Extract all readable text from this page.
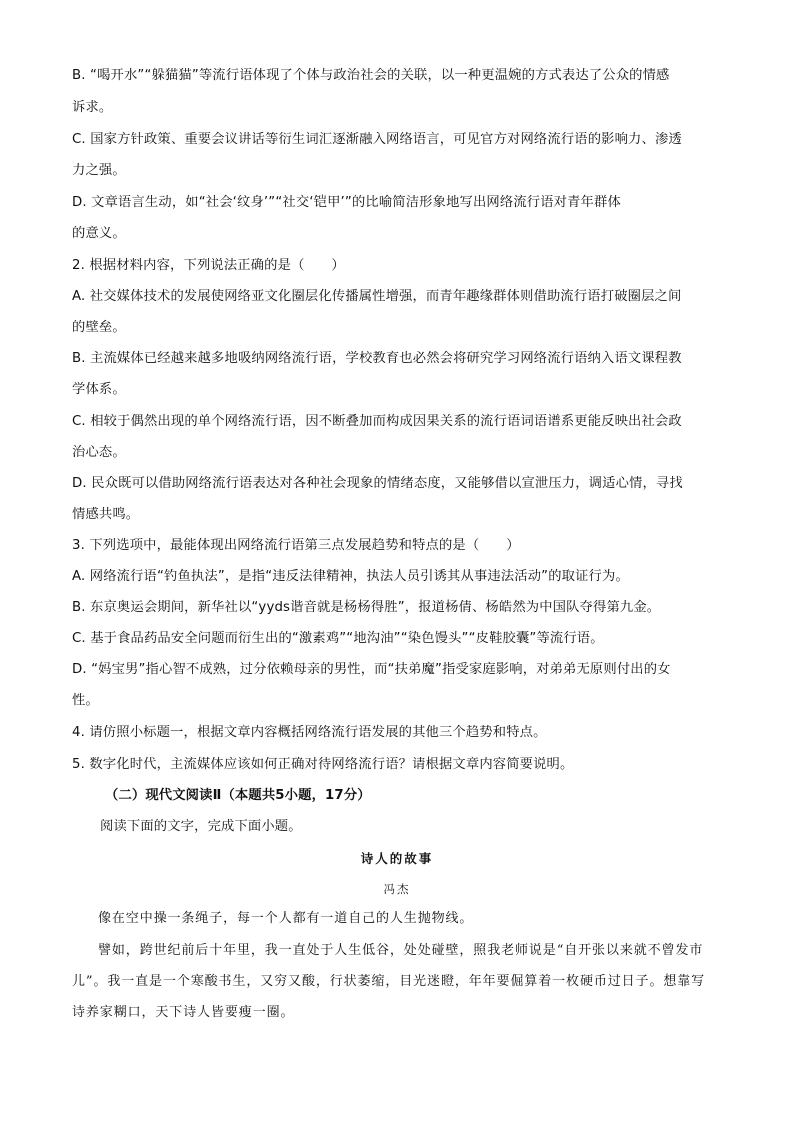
B. “喝开水”“躲猫猫”等流行语体现了个体与政治社会的关联，以一种更温婉的方式表达了公众的情感
诉求。
C. 国家方针政策、重要会议讲话等衍生词汇逐渐融入网络语言，可见官方对网络流行语的影响力、渗透
力之强。
D. 文章语言生动，如“社会‘纹身’”“社交‘铠甲’”的比喻简洁形象地写出网络流行语对青年群体
的意义。
2. 根据材料内容，下列说法正确的是（　　）
A. 社交媒体技术的发展使网络亚文化圈层化传播属性增强，而青年趣缘群体则借助流行语打破圈层之间
的壁垒。
B. 主流媒体已经越来越多地吸纳网络流行语，学校教育也必然会将研究学习网络流行语纳入语文课程教
学体系。
C. 相较于偶然出现的单个网络流行语，因不断叠加而构成因果关系的流行语词语谱系更能反映出社会政
治心态。
D. 民众既可以借助网络流行语表达对各种社会现象的情绪态度，又能够借以宣泄压力，调适心情，寻找
情感共鸣。
3. 下列选项中，最能体现出网络流行语第三点发展趋势和特点的是（　　）
A. 网络流行语“钓鱼执法”，是指“违反法律精神，执法人员引诱其从事违法活动”的取证行为。
B. 东京奥运会期间，新华社以“yyds谐音就是杨杨得胜”，报道杨倩、杨皓然为中国队夺得第九金。
C. 基于食品药品安全问题而衍生出的“激素鸡”“地沟油”“染色馒头”“皮鞋胶囊”等流行语。
D. “妈宝男”指心智不成熟，过分依赖母亲的男性，而“扶弟魔”指受家庭影响，对弟弟无原则付出的女
性。
4. 请仿照小标题一，根据文章内容概括网络流行语发展的其他三个趋势和特点。
5. 数字化时代，主流媒体应该如何正确对待网络流行语？请根据文章内容简要说明。
（二）现代文阅读Ⅱ（本题共5小题，17分）
阅读下面的文字，完成下面小题。
诗人的故事
冯杰
像在空中操一条绳子，每一个人都有一道自己的人生抛物线。
譬如，跨世纪前后十年里，我一直处于人生低谷，处处碰壁，照我老师说是“自开张以来就不曾发市
儿”。我一直是一个寒酸书生，又穷又酸，行状萎缩，目光迷瞪，年年要倔算着一枚硬币过日子。想靠写
诗养家糊口，天下诗人皆要瘦一圈。
